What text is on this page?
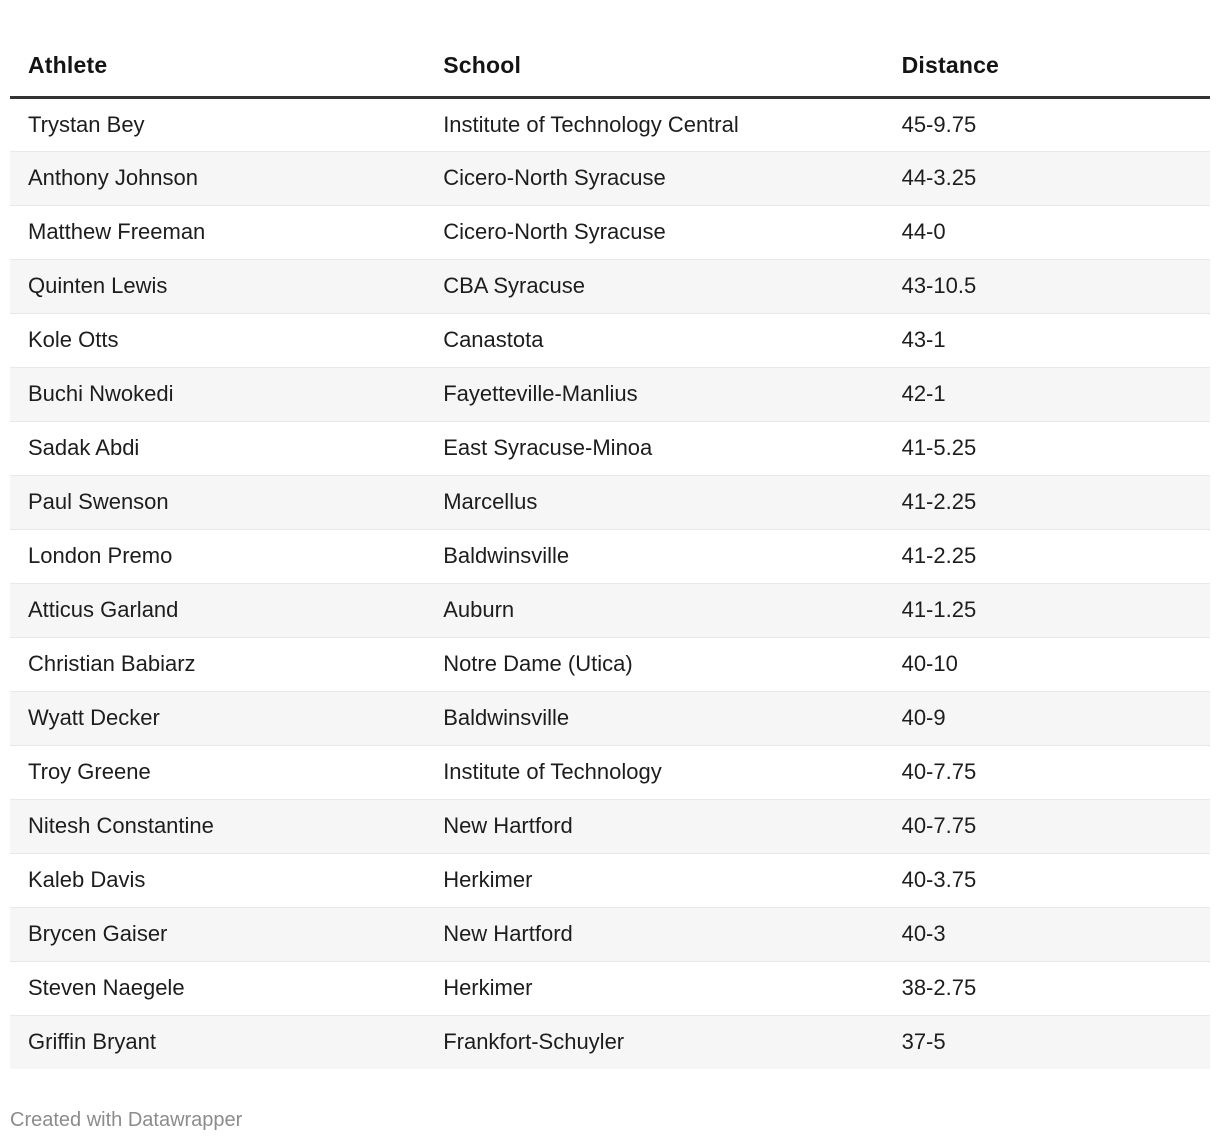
Athlete	School	Distance
Trystan Bey	Institute of Technology Central	45-9.75
Anthony Johnson	Cicero-North Syracuse	44-3.25
Matthew Freeman	Cicero-North Syracuse	44-0
Quinten Lewis	CBA Syracuse	43-10.5
Kole Otts	Canastota	43-1
Buchi Nwokedi	Fayetteville-Manlius	42-1
Sadak Abdi	East Syracuse-Minoa	41-5.25
Paul Swenson	Marcellus	41-2.25
London Premo	Baldwinsville	41-2.25
Atticus Garland	Auburn	41-1.25
Christian Babiarz	Notre Dame (Utica)	40-10
Wyatt Decker	Baldwinsville	40-9
Troy Greene	Institute of Technology	40-7.75
Nitesh Constantine	New Hartford	40-7.75
Kaleb Davis	Herkimer	40-3.75
Brycen Gaiser	New Hartford	40-3
Steven Naegele	Herkimer	38-2.75
Griffin Bryant	Frankfort-Schuyler	37-5
Created with Datawrapper
